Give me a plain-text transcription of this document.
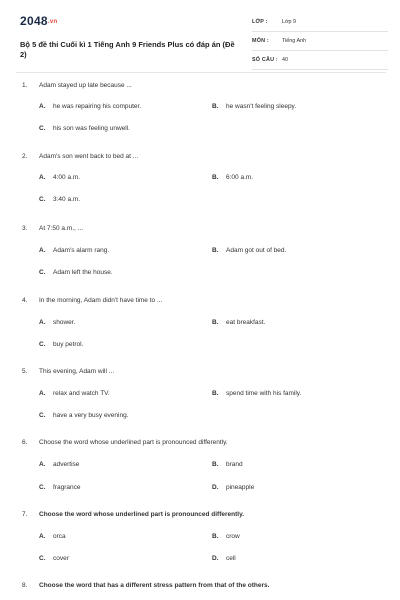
2048.vn
Bộ 5 đề thi Cuối kì 1 Tiếng Anh 9 Friends Plus có đáp án (Đề 2)
LỚP :	Lớp 9
MÔN : Tiếng Anh
SỐ CÂU : 40
1. Adam stayed up late because ...
A. he was repairing his computer.	B. he wasn't feeling sleepy.
C. his son was feeling unwell.
2. Adam's son went back to bed at ...
A. 4:00 a.m.	B. 6:00 a.m.
C. 3:40 a.m.
3. At 7:50 a.m., ...
A. Adam's alarm rang.	B. Adam got out of bed.
C. Adam left the house.
4. In the morning, Adam didn't have time to ...
A. shower.	B. eat breakfast.
C. buy petrol.
5. This evening, Adam will ...
A. relax and watch TV.	B. spend time with his family.
C. have a very busy evening.
6. Choose the word whose underlined part is pronounced differently.
A. advertise	B. brand
C. fragrance	D. pineapple
7. Choose the word whose underlined part is pronounced differently.
A. orca	B. crow
C. cover	D. cell
8. Choose the word that has a different stress pattern from that of the others.
